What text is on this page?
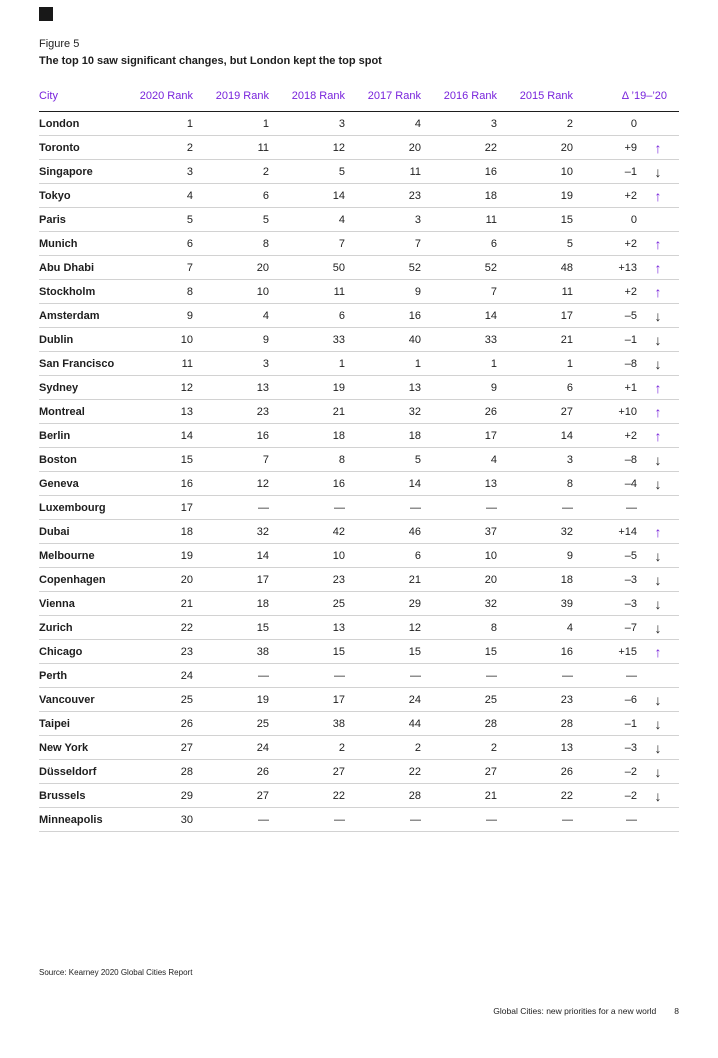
Figure 5
The top 10 saw significant changes, but London kept the top spot
City	2020 Rank	2019 Rank	2018 Rank	2017 Rank	2016 Rank	2015 Rank	Δ ’19–’20	
London	1	1	3	4	3	2	0	
Toronto	2	11	12	20	22	20	+9	↑
Singapore	3	2	5	11	16	10	–1	↓
Tokyo	4	6	14	23	18	19	+2	↑
Paris	5	5	4	3	11	15	0	
Munich	6	8	7	7	6	5	+2	↑
Abu Dhabi	7	20	50	52	52	48	+13	↑
Stockholm	8	10	11	9	7	11	+2	↑
Amsterdam	9	4	6	16	14	17	–5	↓
Dublin	10	9	33	40	33	21	–1	↓
San Francisco	11	3	1	1	1	1	–8	↓
Sydney	12	13	19	13	9	6	+1	↑
Montreal	13	23	21	32	26	27	+10	↑
Berlin	14	16	18	18	17	14	+2	↑
Boston	15	7	8	5	4	3	–8	↓
Geneva	16	12	16	14	13	8	–4	↓
Luxembourg	17	—	—	—	—	—	—	
Dubai	18	32	42	46	37	32	+14	↑
Melbourne	19	14	10	6	10	9	–5	↓
Copenhagen	20	17	23	21	20	18	–3	↓
Vienna	21	18	25	29	32	39	–3	↓
Zurich	22	15	13	12	8	4	–7	↓
Chicago	23	38	15	15	15	16	+15	↑
Perth	24	—	—	—	—	—	—	
Vancouver	25	19	17	24	25	23	–6	↓
Taipei	26	25	38	44	28	28	–1	↓
New York	27	24	2	2	2	13	–3	↓
Düsseldorf	28	26	27	22	27	26	–2	↓
Brussels	29	27	22	28	21	22	–2	↓
Minneapolis	30	—	—	—	—	—	—	
Source: Kearney 2020 Global Cities Report
Global Cities: new priorities for a new world 8
